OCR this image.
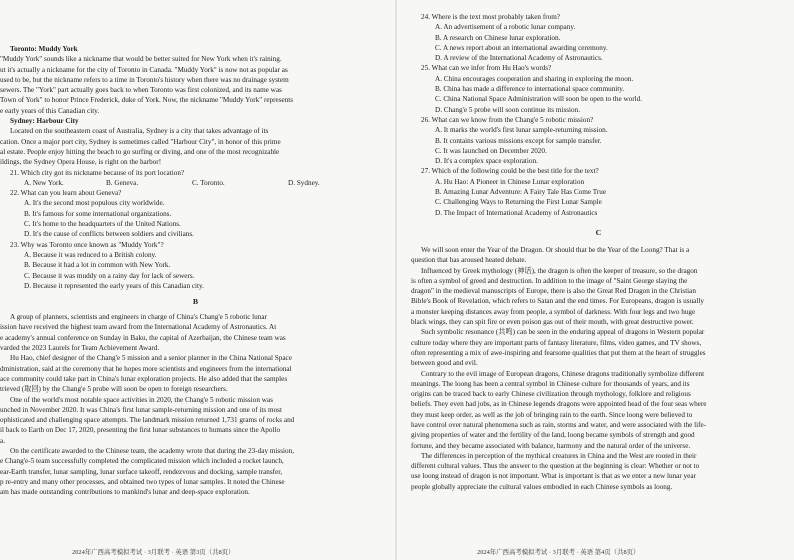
Toronto: Muddy York

"Muddy York" sounds like a nickname that would be better suited for New York when it's raining.

ut it's actually a nickname for the city of Toronto in Canada. "Muddy York" is now not as popular as

used to be, but the nickname refers to a time in Toronto's history when there was no drainage system

sewers. The "York" part actually goes back to when Toronto was first colonized, and its name was

Town of York" to honor Prince Frederick, duke of York. Now, the nickname "Muddy York" represents

e early years of this Canadian city.

Sydney: Harbour City

Located on the southeastern coast of Australia, Sydney is a city that takes advantage of its

cation. Once a major port city, Sydney is sometimes called "Harbour City", in honor of this prime

al estate. People enjoy hitting the beach to go surfing or diving, and one of the most recognizable

ildings, the Sydney Opera House, is right on the harbor!

21. Which city got its nickname because of its port location?

A. New York.	B. Geneva.	C. Toronto.	D. Sydney.

22. What can you learn about Geneva?

A. It's the second most populous city worldwide.

B. It's famous for some international organizations.

C. It's home to the headquarters of the United Nations.

D. It's the cause of conflicts between soldiers and civilians.

23. Why was Toronto once known as "Muddy York"?

A. Because it was reduced to a British colony.

B. Because it had a lot in common with New York.

C. Because it was muddy on a rainy day for lack of sewers.

D. Because it represented the early years of this Canadian city.

B

A group of planners, scientists and engineers in charge of China's Chang'e 5 robotic lunar

ission have received the highest team award from the International Academy of Astronautics. At

e academy's annual conference on Sunday in Baku, the capital of Azerbaijan, the Chinese team was

varded the 2023 Laurels for Team Achievement Award.

Hu Hao, chief designer of the Chang'e 5 mission and a senior planner in the China National Space

dministration, said at the ceremony that he hopes more scientists and engineers from the international

ace community could take part in China's lunar exploration projects. He also added that the samples

trieved (取回) by the Chang'e 5 probe will soon be open to foreign researchers.

One of the world's most notable space activities in 2020, the Chang'e 5 robotic mission was

unched in November 2020. It was China's first lunar sample-returning mission and one of its most

ophisticated and challenging space attempts. The landmark mission returned 1,731 grams of rocks and

il back to Earth on Dec 17, 2020, presenting the first lunar substances to humans since the Apollo

a.

On the certificate awarded to the Chinese team, the academy wrote that during the 23-day mission,

e Chang'e-5 team successfully completed the complicated mission which included a rocket launch,

ear-Earth transfer, lunar sampling, lunar surface takeoff, rendezvous and docking, sample transfer,

p re-entry and many other processes, and obtained two types of lunar samples. It noted the Chinese

am has made outstanding contributions to mankind's lunar and deep-space exploration.

2024年广西高考模拟考试 · 3月联考 · 英语 第3页（共8页）

24. Where is the text most probably taken from?

A. An advertisement of a robotic lunar company.

B. A research on Chinese lunar exploration.

C. A news report about an international awarding ceremony.

D. A review of the International Academy of Astronautics.

25. What can we infer from Hu Hao's words?

A. China encourages cooperation and sharing in exploring the moon.

B. China has made a difference to international space community.

C. China National Space Administration will soon be open to the world.

D. Chang'e 5 probe will soon continue its mission.

26. What can we know from the Chang'e 5 robotic mission?

A. It marks the world's first lunar sample-returning mission.

B. It contains various missions except for sample transfer.

C. It was launched on December 2020.

D. It's a complex space exploration.

27. Which of the following could be the best title for the text?

A. Hu Hao: A Pioneer in Chinese Lunar exploration

B. Amazing Lunar Adventure: A Fairy Tale Has Come True

C. Challenging Ways to Returning the First Lunar Sample

D. The Impact of International Academy of Astronautics

C

We will soon enter the Year of the Dragon. Or should that be the Year of the Loong? That is a

question that has aroused heated debate.

Influenced by Greek mythology (神话), the dragon is often the keeper of treasure, so the dragon

is often a symbol of greed and destruction. In addition to the image of "Saint George slaying the

dragon" in the medieval manuscripts of Europe, there is also the Great Red Dragon in the Christian

Bible's Book of Revelation, which refers to Satan and the end times. For Europeans, dragon is usually

a monster keeping distances away from people, a symbol of darkness. With four legs and two huge

black wings, they can spit fire or even poison gas out of their mouth, with great destructive power.

Such symbolic resonance (共鸣) can be seen in the enduring appeal of dragons in Western popular

culture today where they are important parts of fantasy literature, films, video games, and TV shows,

often representing a mix of awe-inspiring and fearsome qualities that put them at the heart of struggles

between good and evil.

Contrary to the evil image of European dragons, Chinese dragons traditionally symbolize different

meanings. The loong has been a central symbol in Chinese culture for thousands of years, and its

origins can be traced back to early Chinese civilization through mythology, folklore and religious

beliefs. They even had jobs, as in Chinese legends dragons were appointed head of the four seas where

they must keep order, as well as the job of bringing rain to the earth. Since loong were believed to

have control over natural phenomena such as rain, storms and water, and were associated with the life-

giving properties of water and the fertility of the land, loong became symbols of strength and good

fortune, and they became associated with balance, harmony and the natural order of the universe.

The differences in perception of the mythical creatures in China and the West are rooted in their

different cultural values. Thus the answer to the question at the beginning is clear: Whether or not to

use loong instead of dragon is not important. What is important is that as we enter a new lunar year

people globally appreciate the cultural values embodied in each Chinese symbols as loong.

2024年广西高考模拟考试 · 3月联考 · 英语 第4页（共8页）
